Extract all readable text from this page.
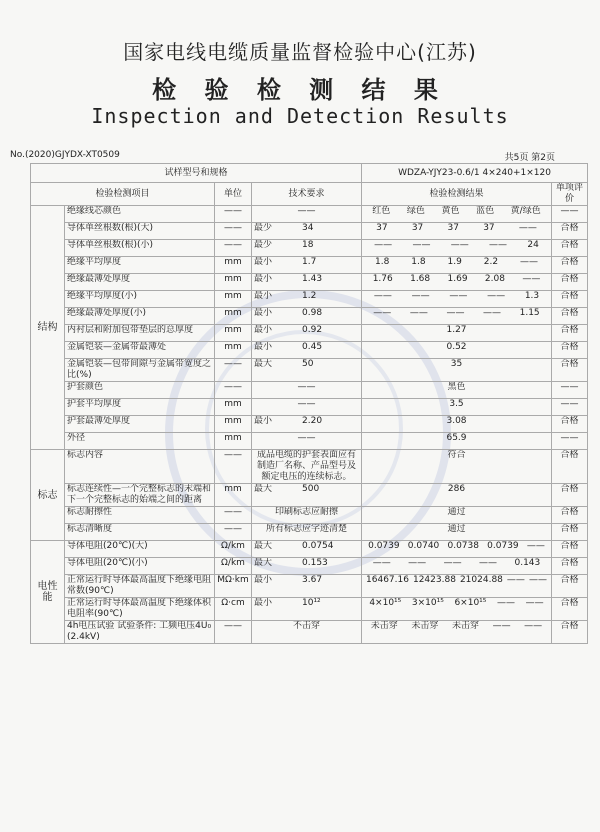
国家电线电缆质量监督检验中心(江苏)
检 验 检 测 结 果
Inspection and Detection Results
No.(2020)GJYDX-XT0509	共5页 第2页
试样型号和规格				WDZA-YJY23-0.6/1 4×240+1×120	
检验检测项目		单位	技术要求	检验检测结果	单项评价
结构	绝缘线芯颜色	——	——	红色 绿色 黄色 蓝色 黄/绿色	——
	导体单丝根数(根)(大)	——	最少 34	37 37 37 37 ——	合格
	导体单丝根数(根)(小)	——	最少 18	—— —— —— —— 24	合格
	绝缘平均厚度	mm	最小 1.7	1.8 1.8 1.9 2.2 ——	合格
	绝缘最薄处厚度	mm	最小 1.43	1.76 1.68 1.69 2.08 ——	合格
	绝缘平均厚度(小)	mm	最小 1.2	—— —— —— —— 1.3	合格
	绝缘最薄处厚度(小)	mm	最小 0.98	—— —— —— —— 1.15	合格
	内衬层和附加包带垫层的总厚度	mm	最小 0.92	1.27	合格
	金属铠装—金属带最薄处	mm	最小 0.45	0.52	合格
	金属铠装—包带间隙与金属带宽度之比(%)	——	最大 50	35	合格
	护套颜色	——	——	黑色	——
	护套平均厚度	mm	——	3.5	——
	护套最薄处厚度	mm	最小 2.20	3.08	合格
	外径	mm	——	65.9	——
标志	标志内容	——	成品电缆的护套表面应有制造厂名称、产品型号及额定电压的连续标志。	符合	合格
	标志连续性—一个完整标志的末端和下一个完整标志的始端之间的距离	mm	最大 500	286	合格
	标志耐擦性	——	印刷标志应耐擦	通过	合格
	标志清晰度	——	所有标志应字迹清楚	通过	合格
电性能	导体电阻(20℃)(大)	Ω/km	最大 0.0754	0.0739 0.0740 0.0738 0.0739 ——	合格
	导体电阻(20℃)(小)	Ω/km	最大 0.153	—— —— —— —— 0.143	合格
	正常运行时导体最高温度下绝缘电阻常数(90℃)	MΩ·km	最小 3.67	16467.16 12423.88 21024.88 —— ——	合格
	正常运行时导体最高温度下绝缘体积电阻率(90℃)	Ω·cm	最小 10¹²	4×10¹⁵ 3×10¹⁵ 6×10¹⁵ —— ——	合格
	4h电压试验 试验条件: 工频电压4U₀ (2.4kV)	——	不击穿	未击穿 未击穿 未击穿 —— ——	合格
